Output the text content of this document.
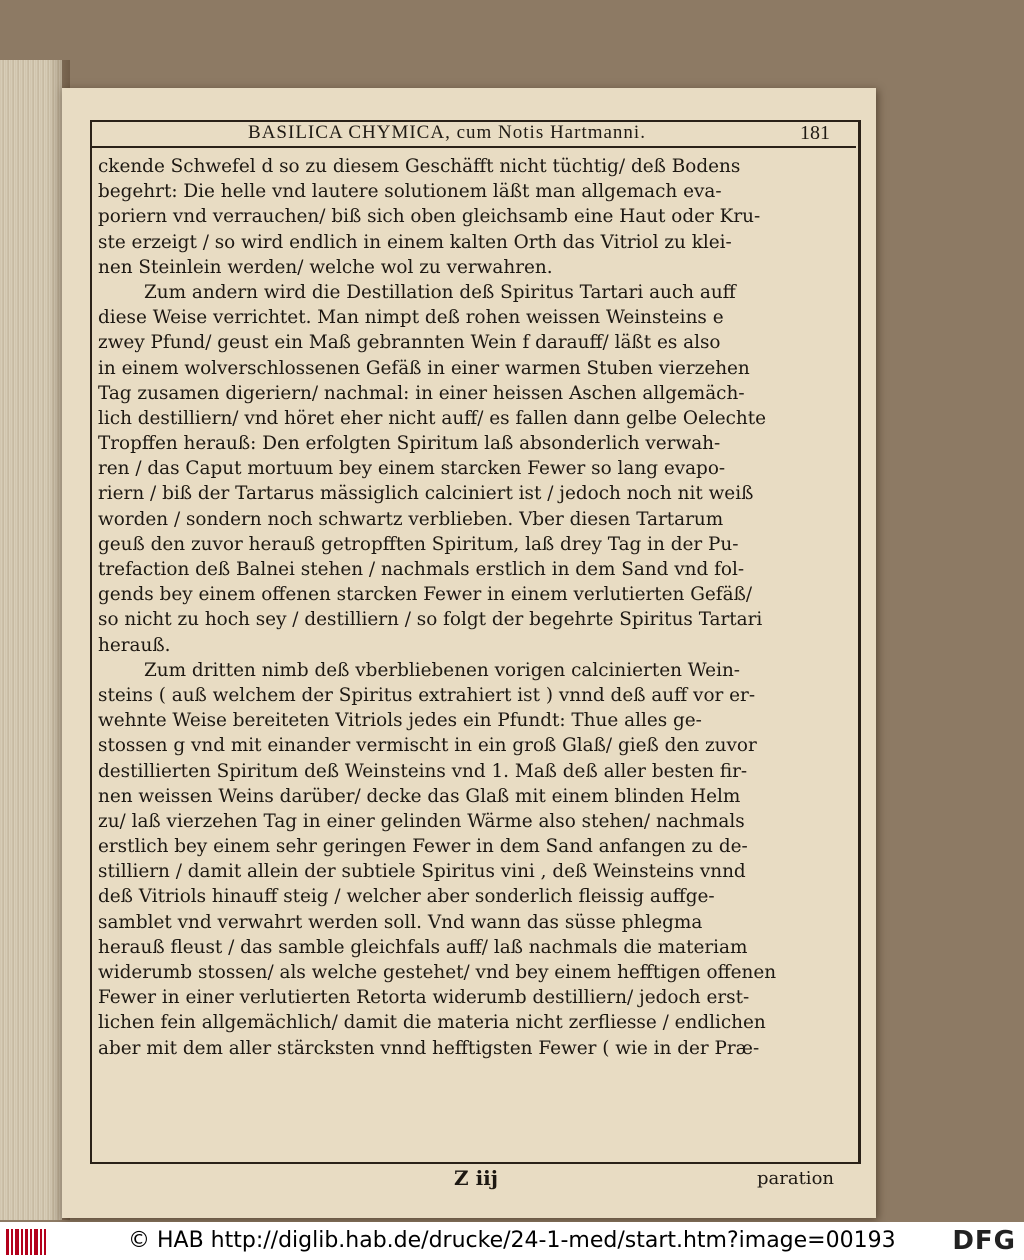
BASILICA CHYMICA, cum Notis Hartmanni.	181
ckende Schwefel d so zu diesem Geschäfft nicht tüchtig/ deß Bodens
begehrt: Die helle vnd lautere solutionem läßt man allgemach eva-
poriern vnd verrauchen/ biß sich oben gleichsamb eine Haut oder Kru-
ste erzeigt / so wird endlich in einem kalten Orth das Vitriol zu klei-
nen Steinlein werden/ welche wol zu verwahren.
Zum andern wird die Destillation deß Spiritus Tartari auch auff
diese Weise verrichtet. Man nimpt deß rohen weissen Weinsteins e
zwey Pfund/ geust ein Maß gebrannten Wein f darauff/ läßt es also
in einem wolverschlossenen Gefäß in einer warmen Stuben vierzehen
Tag zusamen digeriern/ nachmal: in einer heissen Aschen allgemäch-
lich destilliern/ vnd höret eher nicht auff/ es fallen dann gelbe Oelechte
Tropffen herauß: Den erfolgten Spiritum laß absonderlich verwah-
ren / das Caput mortuum bey einem starcken Fewer so lang evapo-
riern / biß der Tartarus mässiglich calciniert ist / jedoch noch nit weiß
worden / sondern noch schwartz verblieben. Vber diesen Tartarum
geuß den zuvor herauß getropfften Spiritum, laß drey Tag in der Pu-
trefaction deß Balnei stehen / nachmals erstlich in dem Sand vnd fol-
gends bey einem offenen starcken Fewer in einem verlutierten Gefäß/
so nicht zu hoch sey / destilliern / so folgt der begehrte Spiritus Tartari
herauß.
Zum dritten nimb deß vberbliebenen vorigen calcinierten Wein-
steins ( auß welchem der Spiritus extrahiert ist ) vnnd deß auff vor er-
wehnte Weise bereiteten Vitriols jedes ein Pfundt: Thue alles ge-
stossen g vnd mit einander vermischt in ein groß Glaß/ gieß den zuvor
destillierten Spiritum deß Weinsteins vnd 1. Maß deß aller besten fir-
nen weissen Weins darüber/ decke das Glaß mit einem blinden Helm
zu/ laß vierzehen Tag in einer gelinden Wärme also stehen/ nachmals
erstlich bey einem sehr geringen Fewer in dem Sand anfangen zu de-
stilliern / damit allein der subtiele Spiritus vini , deß Weinsteins vnnd
deß Vitriols hinauff steig / welcher aber sonderlich fleissig auffge-
samblet vnd verwahrt werden soll. Vnd wann das süsse phlegma
herauß fleust / das samble gleichfals auff/ laß nachmals die materiam
widerumb stossen/ als welche gestehet/ vnd bey einem hefftigen offenen
Fewer in einer verlutierten Retorta widerumb destilliern/ jedoch erst-
lichen fein allgemächlich/ damit die materia nicht zerfliesse / endlichen
aber mit dem aller stärcksten vnnd hefftigsten Fewer ( wie in der Præ-
Z iij	paration
© HAB http://diglib.hab.de/drucke/24-1-med/start.htm?image=00193 DFG
